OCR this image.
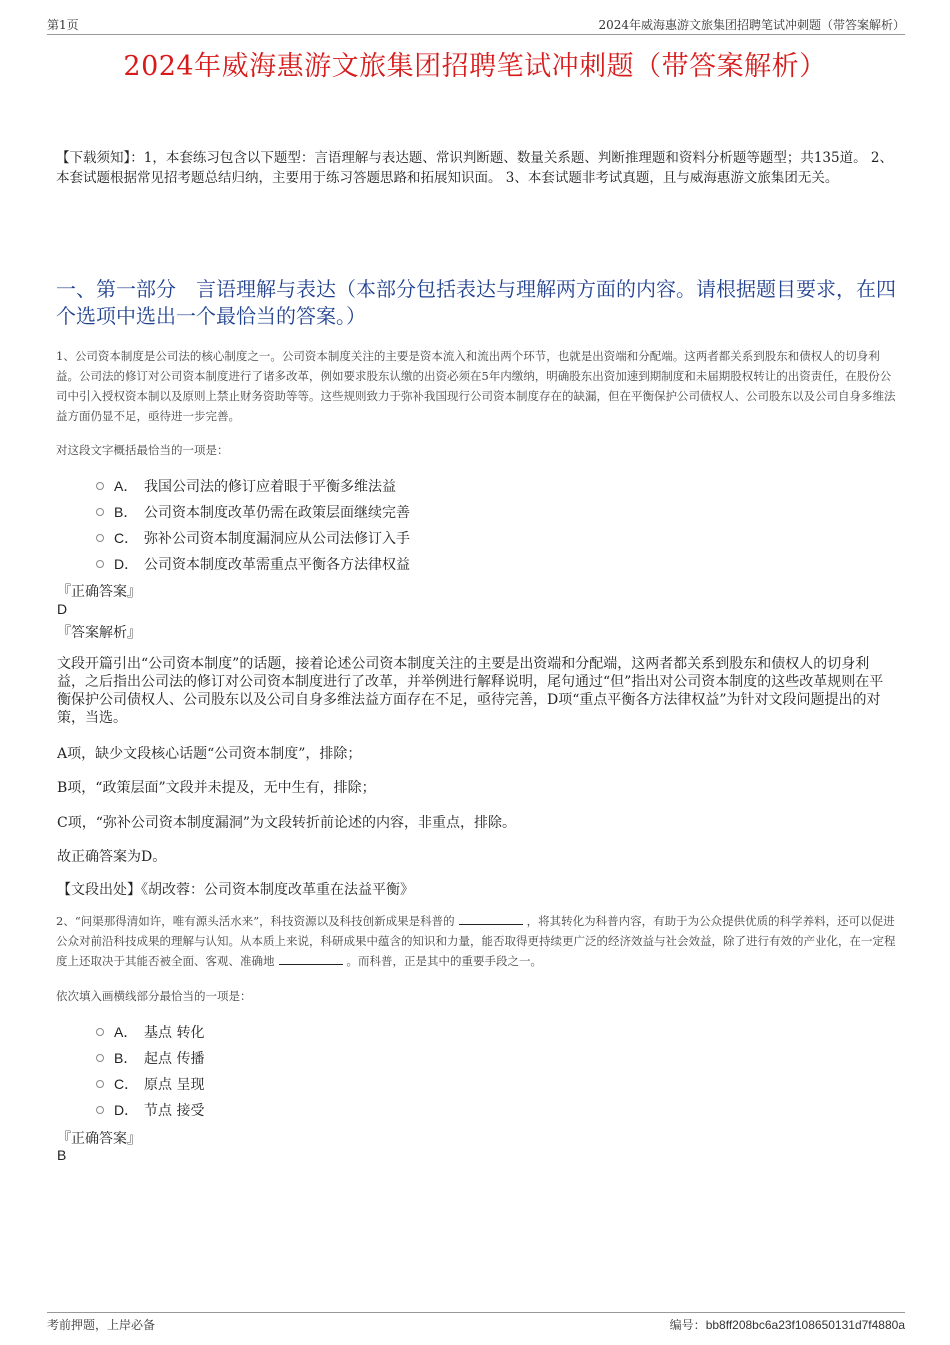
第1页	2024年威海惠游文旅集团招聘笔试冲刺题（带答案解析）
2024年威海惠游文旅集团招聘笔试冲刺题（带答案解析）
【下载须知】：1，本套练习包含以下题型：言语理解与表达题、常识判断题、数量关系题、判断推理题和资料分析题等题型；共135道。 2、本套试题根据常见招考题总结归纳，主要用于练习答题思路和拓展知识面。 3、本套试题非考试真题，且与威海惠游文旅集团无关。
一、第一部分　言语理解与表达（本部分包括表达与理解两方面的内容。请根据题目要求，在四个选项中选出一个最恰当的答案。）
1、公司资本制度是公司法的核心制度之一。公司资本制度关注的主要是资本流入和流出两个环节，也就是出资端和分配端。这两者都关系到股东和债权人的切身利益。公司法的修订对公司资本制度进行了诸多改革，例如要求股东认缴的出资必须在5年内缴纳，明确股东出资加速到期制度和未届期股权转让的出资责任，在股份公司中引入授权资本制以及原则上禁止财务资助等等。这些规则致力于弥补我国现行公司资本制度存在的缺漏，但在平衡保护公司债权人、公司股东以及公司自身多维法益方面仍显不足，亟待进一步完善。
对这段文字概括最恰当的一项是：
A． 我国公司法的修订应着眼于平衡多维法益
B． 公司资本制度改革仍需在政策层面继续完善
C． 弥补公司资本制度漏洞应从公司法修订入手
D． 公司资本制度改革需重点平衡各方法律权益
『正确答案』
D
『答案解析』
文段开篇引出“公司资本制度”的话题，接着论述公司资本制度关注的主要是出资端和分配端，这两者都关系到股东和债权人的切身利益，之后指出公司法的修订对公司资本制度进行了改革，并举例进行解释说明，尾句通过“但”指出对公司资本制度的这些改革规则在平衡保护公司债权人、公司股东以及公司自身多维法益方面存在不足，亟待完善，D项“重点平衡各方法律权益”为针对文段问题提出的对策，当选。
A项，缺少文段核心话题“公司资本制度”，排除；
B项，“政策层面”文段并未提及，无中生有，排除；
C项，“弥补公司资本制度漏洞”为文段转折前论述的内容，非重点，排除。
故正确答案为D。
【文段出处】《胡改蓉：公司资本制度改革重在法益平衡》
2、“问渠那得清如许，唯有源头活水来”，科技资源以及科技创新成果是科普的	，将其转化为科普内容，有助于为公众提供优质的科学养料，还可以促进公众对前沿科技成果的理解与认知。从本质上来说，科研成果中蕴含的知识和力量，能否取得更持续更广泛的经济效益与社会效益，除了进行有效的产业化，在一定程度上还取决于其能否被全面、客观、准确地	。而科普，正是其中的重要手段之一。
依次填入画横线部分最恰当的一项是：
A． 基点 转化
B． 起点 传播
C． 原点 呈现
D． 节点 接受
『正确答案』
B
考前押题，上岸必备	编号：bb8ff208bc6a23f108650131d7f4880a
